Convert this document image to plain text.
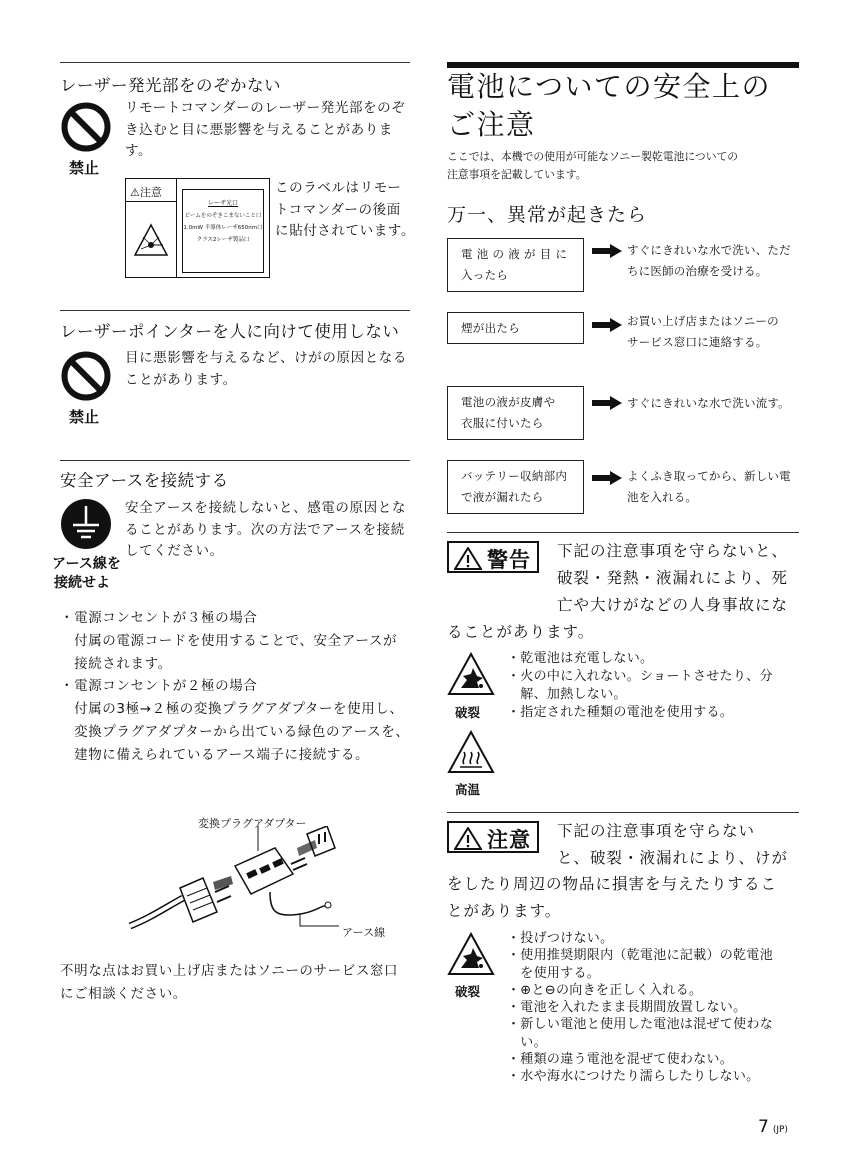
レーザー発光部をのぞかない
禁止
リモートコマンダーのレーザー発光部をのぞ
き込むと目に悪影響を与えることがありま
す。
⚠注意
レーザ光口
ビームをのぞきこまないこと口
1.0mW 半導体レーザ650nm口
クラス2レーザ製品口
このラベルはリモー
トコマンダーの後面
に貼付されています。
レーザーポインターを人に向けて使用しない
禁止
目に悪影響を与えるなど、けがの原因となる
ことがあります。
安全アースを接続する
アース線を
接続せよ
安全アースを接続しないと、感電の原因とな
ることがあります。次の方法でアースを接続
してください。
・電源コンセントが３極の場合
　付属の電源コードを使用することで、安全アースが
　接続されます。
・電源コンセントが２極の場合
　付属の3極→２極の変換プラグアダプターを使用し、
　変換プラグアダプターから出ている緑色のアースを、
　建物に備えられているアース端子に接続する。
変換プラグアダプター
アース線
不明な点はお買い上げ店またはソニーのサービス窓口
にご相談ください。
電池についての安全上の
ご注意
ここでは、本機での使用が可能なソニー製乾電池についての
注意事項を記載しています。
万一、異常が起きたら
電 池 の 液 が 目 に
入ったら
すぐにきれいな水で洗い、ただ
ちに医師の治療を受ける。
煙が出たら	お買い上げ店またはソニーの
サービス窓口に連絡する。
電池の液が皮膚や
衣服に付いたら
すぐにきれいな水で洗い流す。
バッテリー収納部内
で液が漏れたら
よくふき取ってから、新しい電
池を入れる。
警告	下記の注意事項を守らないと、
破裂・発熱・液漏れにより、死
亡や大けがなどの人身事故にな
ることがあります。
破裂
・乾電池は充電しない。
・火の中に入れない。ショートさせたり、分
　解、加熱しない。
・指定された種類の電池を使用する。
高温
注意	下記の注意事項を守らない
と、破裂・液漏れにより、けが
をしたり周辺の物品に損害を与えたりするこ
とがあります。
破裂
・投げつけない。
・使用推奨期限内（乾電池に記載）の乾電池
　を使用する。
・⊕と⊖の向きを正しく入れる。
・電池を入れたまま長期間放置しない。
・新しい電池と使用した電池は混ぜて使わな
　い。
・種類の違う電池を混ぜて使わない。
・水や海水につけたり濡らしたりしない。
7 (JP)
